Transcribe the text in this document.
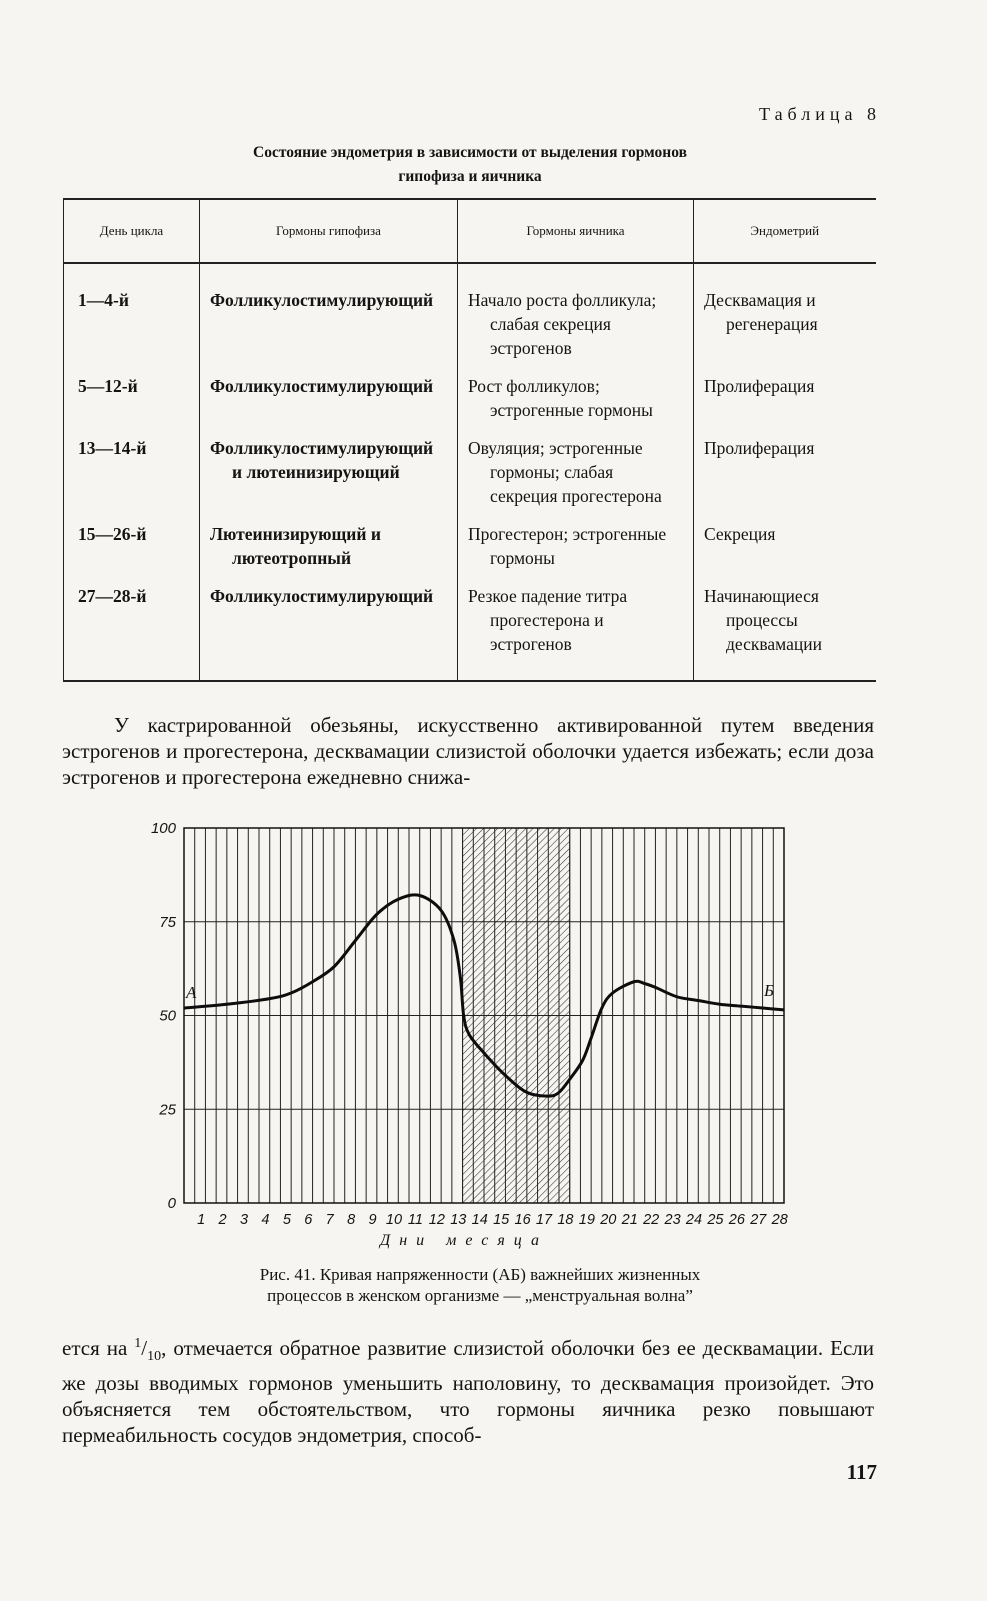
Таблица 8
Состояние эндометрия в зависимости от выделения гормонов
гипофиза и яичника
День цикла	Гормоны гипофиза	Гормоны яичника	Эндометрий
1—4-й	Фолликулостимулирующий	Начало роста фолликула; слабая секреция эстрогенов	Десквамация и регенерация
5—12-й	Фолликулостимулирующий	Рост фолликулов; эстрогенные гормоны	Пролиферация
13—14-й	Фолликулостимулирующий и лютеинизирующий	Овуляция; эстрогенные гормоны; слабая секреция прогестерона	Пролиферация
15—26-й	Лютеинизирующий и лютеотропный	Прогестерон; эстрогенные гормоны	Секреция
27—28-й	Фолликулостимулирующий	Резкое падение титра прогестерона и эстрогенов	Начинающиеся процессы десквамации
У кастрированной обезьяны, искусственно активированной путем введения эстрогенов и прогестерона, десквамации слизистой оболочки удается избежать; если доза эстрогенов и прогестерона ежедневно снижа-
0
25
50
75
100
1 2 3 4 5 6 7 8 9 10 11 12 13 14 15 16 17 18 19 20 21 22 23 24 25 26 27 28
Дни месяца
А	Б
Рис. 41. Кривая напряженности (АБ) важнейших жизненных
процессов в женском организме — „менструальная волна”
ется на $^1/_{10}$, отмечается обратное развитие слизистой оболочки без ее десквамации. Если же дозы вводимых гормонов уменьшить наполовину, то десквамация произойдет. Это объясняется тем обстоятельством, что гормоны яичника резко повышают пермеабильность сосудов эндометрия, способ-
117
